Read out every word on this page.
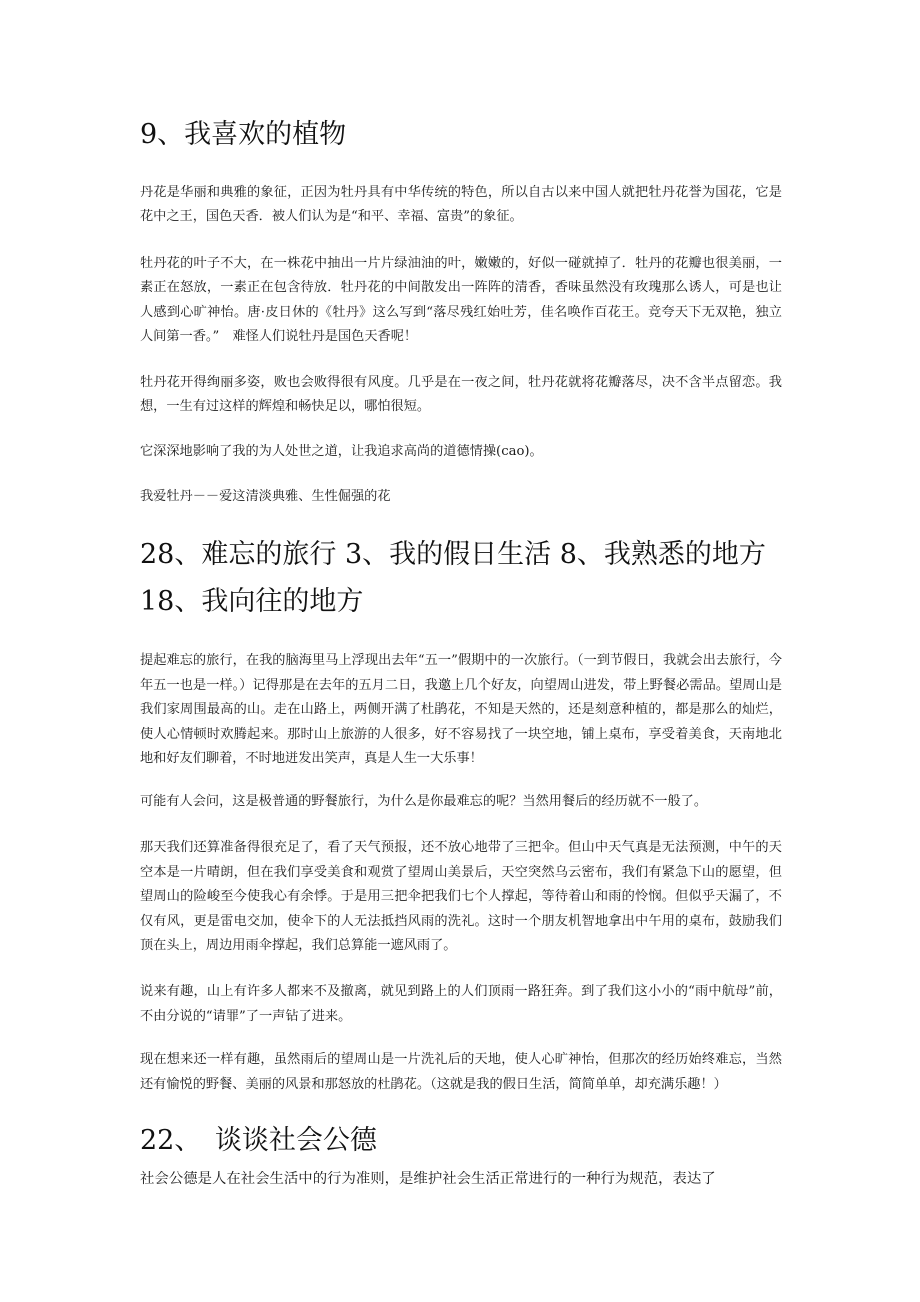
9、我喜欢的植物

丹花是华丽和典雅的象征，正因为牡丹具有中华传统的特色，所以自古以来中国人就把牡丹花誉为国花，它是花中之王，国色天香．被人们认为是“和平、幸福、富贵”的象征。

牡丹花的叶子不大，在一株花中抽出一片片绿油油的叶，嫩嫩的，好似一碰就掉了．牡丹的花瓣也很美丽，一素正在怒放，一素正在包含待放．牡丹花的中间散发出一阵阵的清香，香味虽然没有玫瑰那么诱人，可是也让人感到心旷神怡。唐·皮日休的《牡丹》这么写到“落尽残红始吐芳，佳名唤作百花王。竞夸天下无双艳，独立人间第一香。”　难怪人们说牡丹是国色天香呢！

牡丹花开得绚丽多姿，败也会败得很有风度。几乎是在一夜之间，牡丹花就将花瓣落尽，决不含半点留恋。我想，一生有过这样的辉煌和畅快足以，哪怕很短。

它深深地影响了我的为人处世之道，让我追求高尚的道德情操(cao)。

我爱牡丹－－爱这清淡典雅、生性倔强的花

28、难忘的旅行 3、我的假日生活 8、我熟悉的地方
18、我向往的地方

提起难忘的旅行，在我的脑海里马上浮现出去年“五一”假期中的一次旅行。（一到节假日，我就会出去旅行，今年五一也是一样。）记得那是在去年的五月二日，我邀上几个好友，向望周山进发，带上野餐必需品。望周山是我们家周围最高的山。走在山路上，两侧开满了杜鹃花，不知是天然的，还是刻意种植的，都是那么的灿烂，使人心情顿时欢腾起来。那时山上旅游的人很多，好不容易找了一块空地，铺上桌布，享受着美食，天南地北地和好友们聊着，不时地迸发出笑声，真是人生一大乐事！

可能有人会问，这是极普通的野餐旅行，为什么是你最难忘的呢？当然用餐后的经历就不一般了。

那天我们还算准备得很充足了，看了天气预报，还不放心地带了三把伞。但山中天气真是无法预测，中午的天空本是一片晴朗，但在我们享受美食和观赏了望周山美景后，天空突然乌云密布，我们有紧急下山的愿望，但望周山的险峻至今使我心有余悸。于是用三把伞把我们七个人撑起，等待着山和雨的怜悯。但似乎天漏了，不仅有风，更是雷电交加，使伞下的人无法抵挡风雨的洗礼。这时一个朋友机智地拿出中午用的桌布，鼓励我们顶在头上，周边用雨伞撑起，我们总算能一遮风雨了。

说来有趣，山上有许多人都来不及撤离，就见到路上的人们顶雨一路狂奔。到了我们这小小的“雨中航母”前，不由分说的“请罪”了一声钻了进来。

现在想来还一样有趣，虽然雨后的望周山是一片洗礼后的天地，使人心旷神怡，但那次的经历始终难忘，当然还有愉悦的野餐、美丽的风景和那怒放的杜鹃花。（这就是我的假日生活，简简单单，却充满乐趣！）

22、　谈谈社会公德

社会公德是人在社会生活中的行为准则，是维护社会生活正常进行的一种行为规范，表达了
